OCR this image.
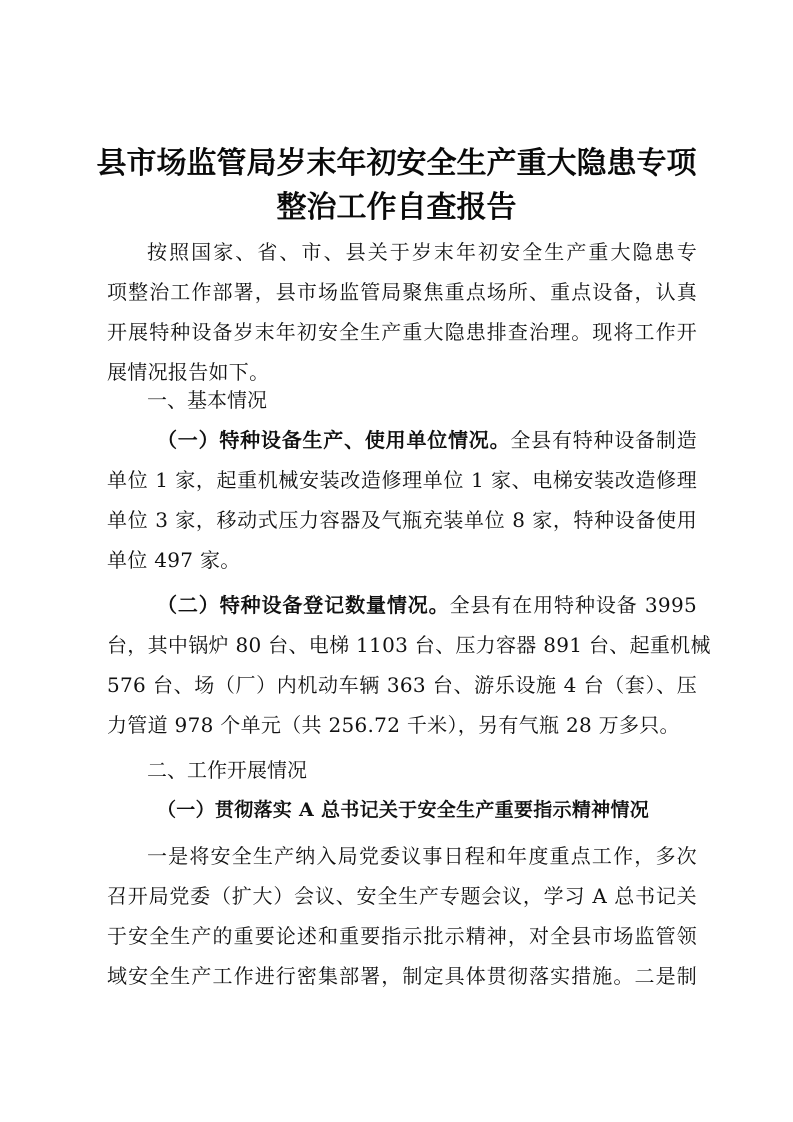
县市场监管局岁末年初安全生产重大隐患专项
整治工作自查报告
按照国家、省、市、县关于岁末年初安全生产重大隐患专
项整治工作部署，县市场监管局聚焦重点场所、重点设备，认真
开展特种设备岁末年初安全生产重大隐患排查治理。现将工作开
展情况报告如下。
一、基本情况
（一）特种设备生产、使用单位情况。全县有特种设备制造
单位 1 家，起重机械安装改造修理单位 1 家、电梯安装改造修理
单位 3 家，移动式压力容器及气瓶充装单位 8 家，特种设备使用
单位 497 家。
（二）特种设备登记数量情况。全县有在用特种设备 3995
台，其中锅炉 80 台、电梯 1103 台、压力容器 891 台、起重机械
576 台、场（厂）内机动车辆 363 台、游乐设施 4 台（套）、压
力管道 978 个单元（共 256.72 千米），另有气瓶 28 万多只。
二、工作开展情况
（一）贯彻落实 A 总书记关于安全生产重要指示精神情况
一是将安全生产纳入局党委议事日程和年度重点工作，多次
召开局党委（扩大）会议、安全生产专题会议，学习 A 总书记关
于安全生产的重要论述和重要指示批示精神，对全县市场监管领
域安全生产工作进行密集部署，制定具体贯彻落实措施。二是制
